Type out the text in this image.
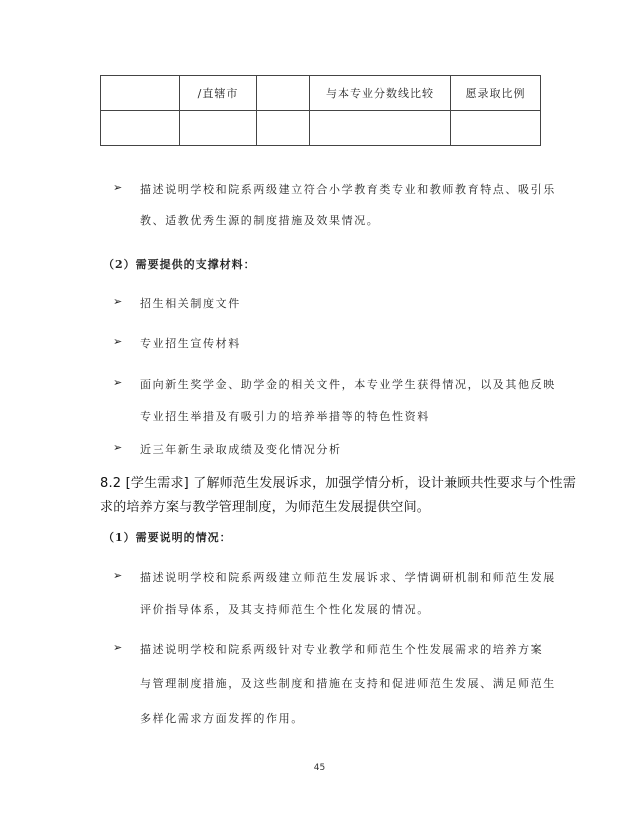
	/直辖市		与本专业分数线比较	愿录取比例

➢ 描述说明学校和院系两级建立符合小学教育类专业和教师教育特点、吸引乐
教、适教优秀生源的制度措施及效果情况。
（2）需要提供的支撑材料：
➢ 招生相关制度文件
➢ 专业招生宣传材料
➢ 面向新生奖学金、助学金的相关文件，本专业学生获得情况，以及其他反映
专业招生举措及有吸引力的培养举措等的特色性资料
➢ 近三年新生录取成绩及变化情况分析
8.2 [学生需求] 了解师范生发展诉求，加强学情分析，设计兼顾共性要求与个性需
求的培养方案与教学管理制度，为师范生发展提供空间。
（1）需要说明的情况：
➢ 描述说明学校和院系两级建立师范生发展诉求、学情调研机制和师范生发展
评价指导体系，及其支持师范生个性化发展的情况。
➢ 描述说明学校和院系两级针对专业教学和师范生个性发展需求的培养方案
与管理制度措施，及这些制度和措施在支持和促进师范生发展、满足师范生
多样化需求方面发挥的作用。
45
